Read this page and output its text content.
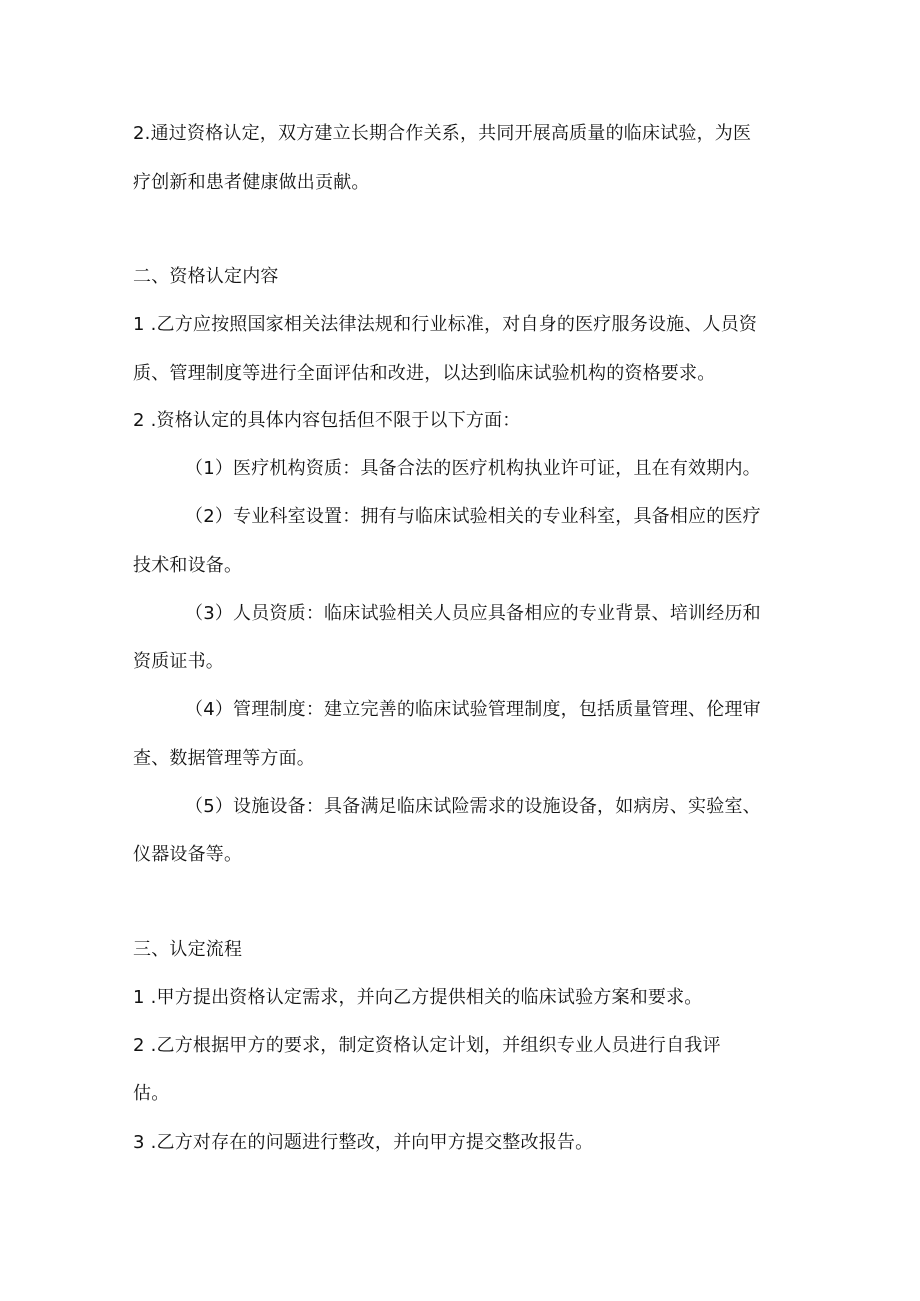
2.通过资格认定，双方建立长期合作关系，共同开展高质量的临床试验，为医

疗创新和患者健康做出贡献。

二、资格认定内容

1 .乙方应按照国家相关法律法规和行业标准，对自身的医疗服务设施、人员资

质、管理制度等进行全面评估和改进，以达到临床试验机构的资格要求。

2 .资格认定的具体内容包括但不限于以下方面：

（1）医疗机构资质：具备合法的医疗机构执业许可证，且在有效期内。

（2）专业科室设置：拥有与临床试验相关的专业科室，具备相应的医疗

技术和设备。

（3）人员资质：临床试验相关人员应具备相应的专业背景、培训经历和

资质证书。

（4）管理制度：建立完善的临床试验管理制度，包括质量管理、伦理审

查、数据管理等方面。

（5）设施设备：具备满足临床试险需求的设施设备，如病房、实验室、

仪器设备等。

三、认定流程

1 .甲方提出资格认定需求，并向乙方提供相关的临床试验方案和要求。

2 .乙方根据甲方的要求，制定资格认定计划，并组织专业人员进行自我评

估。

3 .乙方对存在的问题进行整改，并向甲方提交整改报告。
